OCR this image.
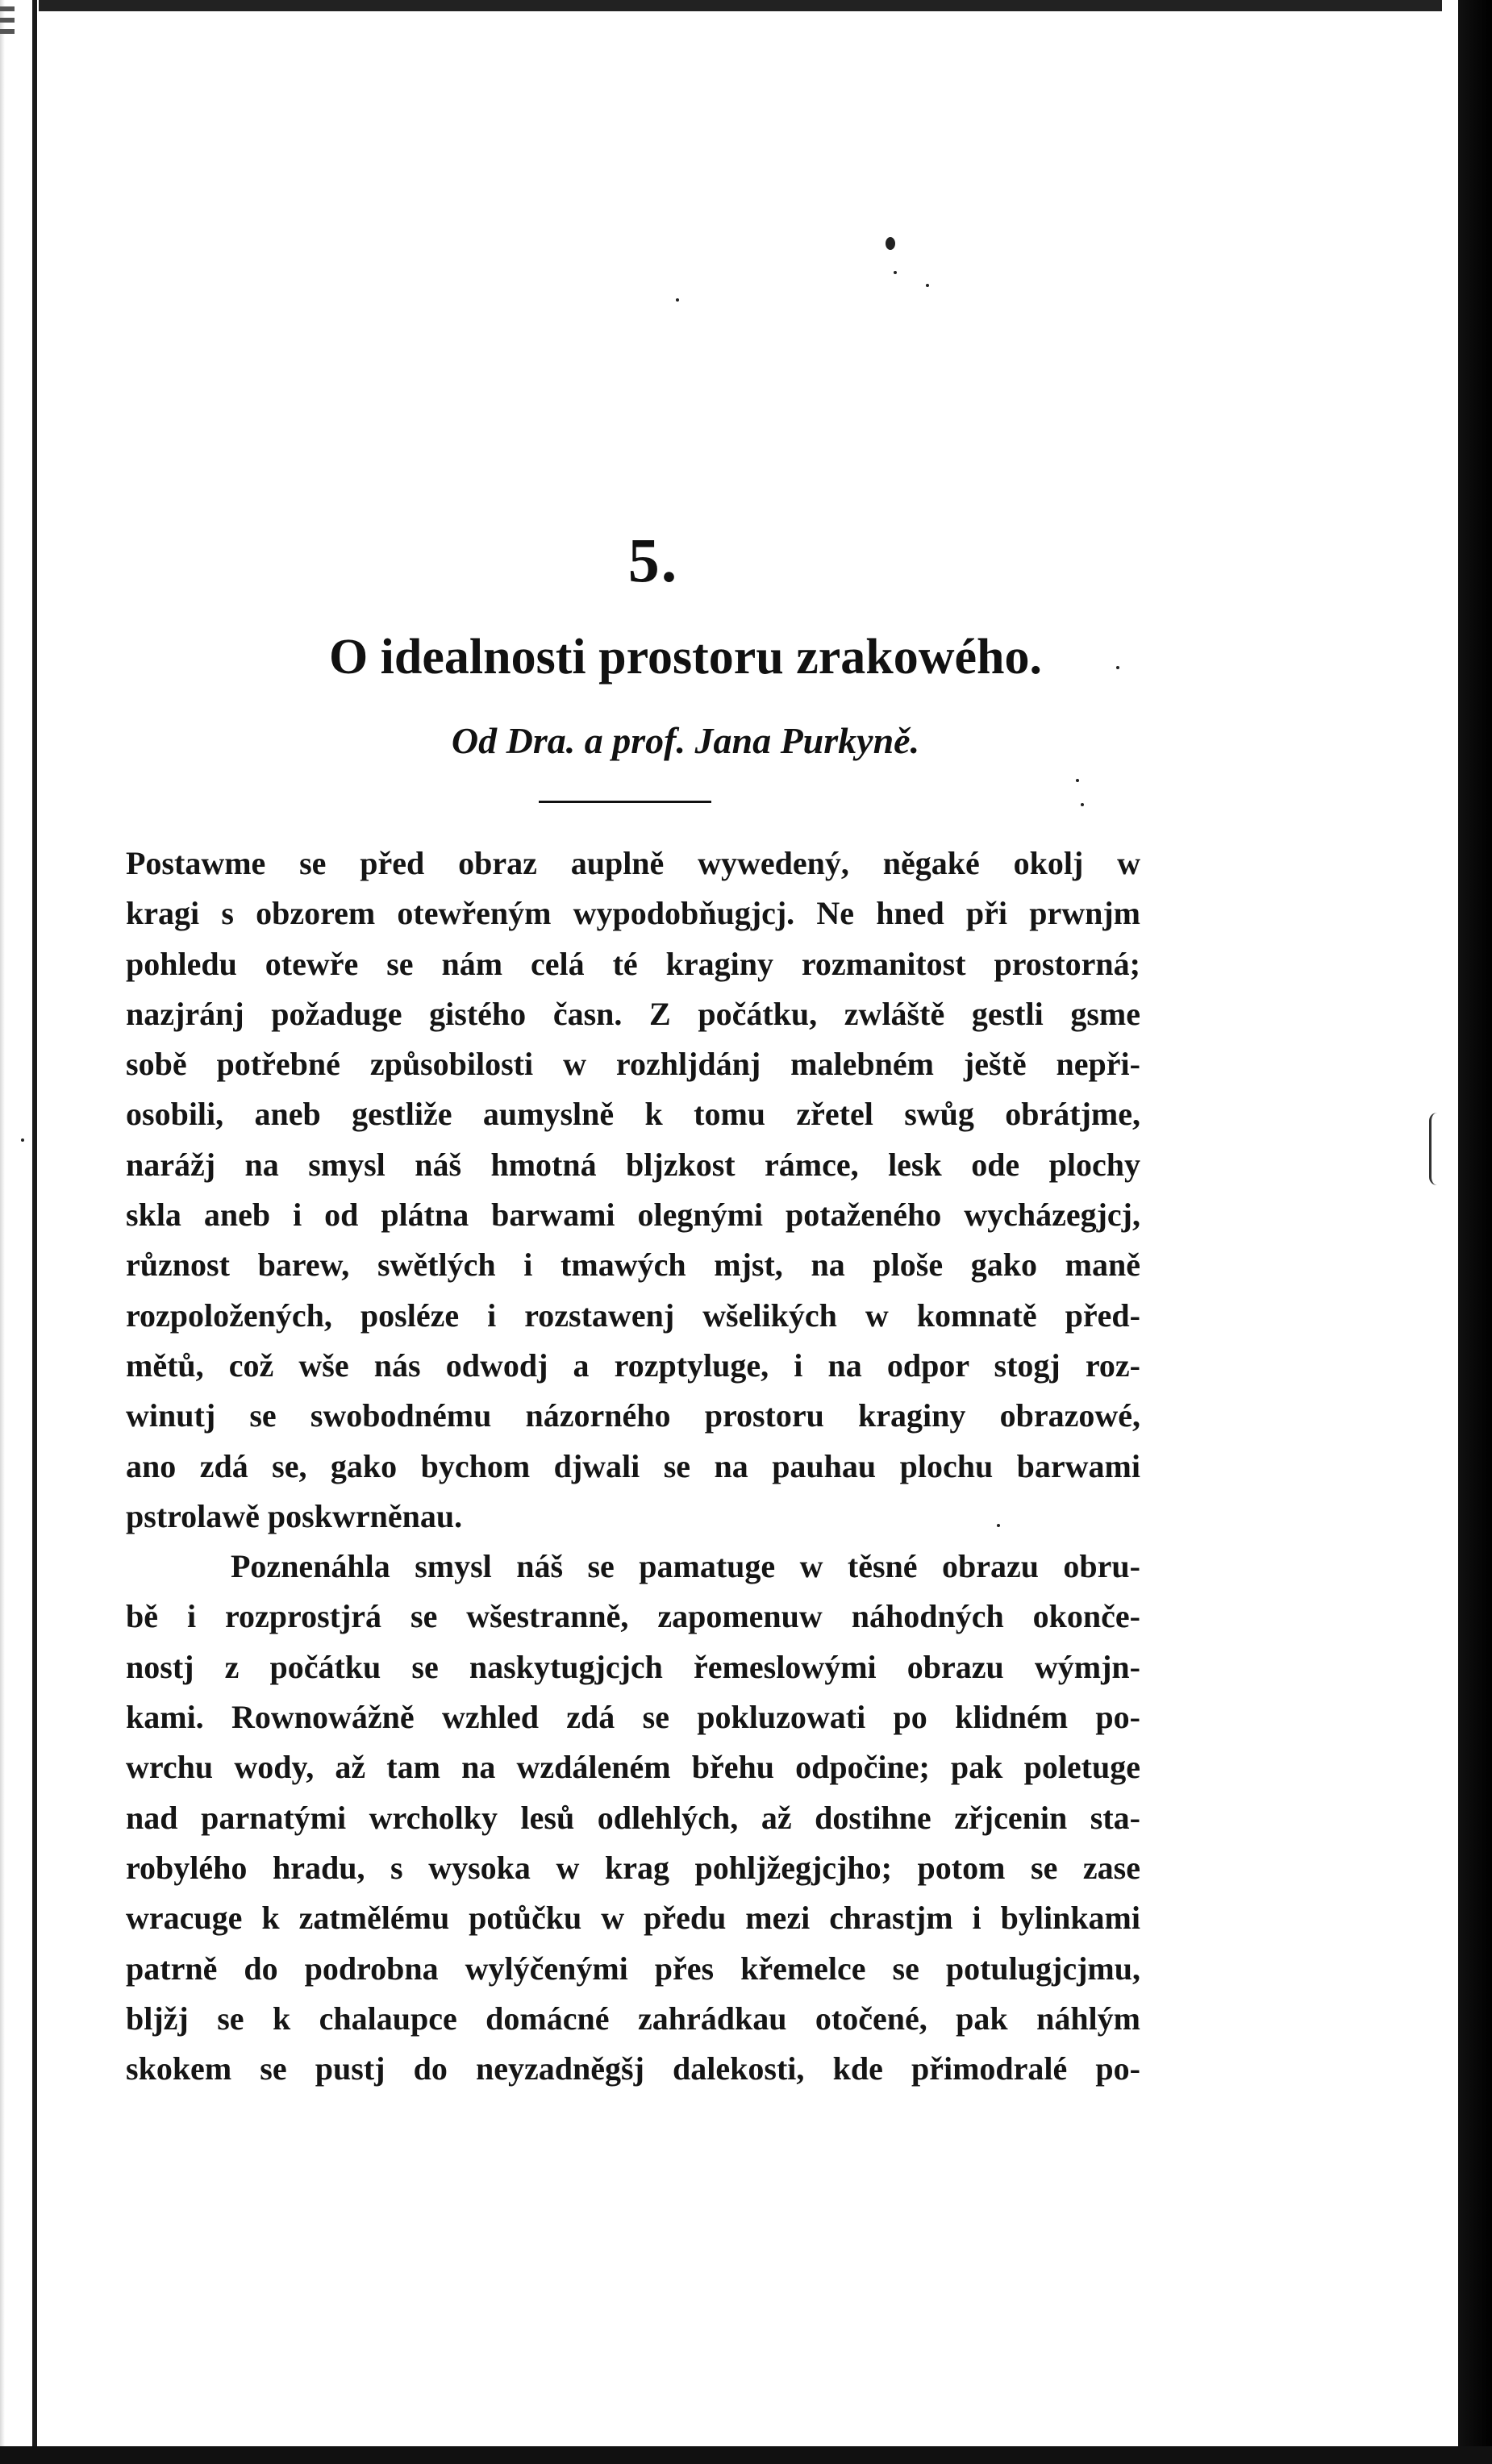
5.
O idealnosti prostoru zrakowého.
Od Dra. a prof. Jana Purkyně.

Postawme se před obraz auplně wywedený, něgaké okolj w
kragi s obzorem otewřeným wypodobňugjcj. Ne hned při prwnjm
pohledu otewře se nám celá té kraginy rozmanitost prostorná;
nazjránj požaduge gistého časn. Z počátku, zwláště gestli gsme
sobě potřebné způsobilosti w rozhljdánj malebném ještě nepři-
osobili, aneb gestliže aumyslně k tomu zřetel swůg obrátjme,
narážj na smysl náš hmotná bljzkost rámce, lesk ode plochy
skla aneb i od plátna barwami olegnými potaženého wycházegjcj,
různost barew, swětlých i tmawých mjst, na ploše gako maně
rozpoložených, posléze i rozstawenj wšelikých w komnatě před-
mětů, což wše nás odwodj a rozptyluge, i na odpor stogj roz-
winutj se swobodnému názorného prostoru kraginy obrazowé,
ano zdá se, gako bychom djwali se na pauhau plochu barwami
pstrolawě poskwrněnau.

Poznenáhla smysl náš se pamatuge w těsné obrazu obru-
bě i rozprostjrá se wšestranně, zapomenuw náhodných okonče-
nostj z počátku se naskytugjcjch řemeslowými obrazu wýmjn-
kami. Rownowážně wzhled zdá se pokluzowati po klidném po-
wrchu wody, až tam na wzdáleném břehu odpočine; pak poletuge
nad parnatými wrcholky lesů odlehlých, až dostihne zřjcenin sta-
robylého hradu, s wysoka w krag pohljžegjcjho; potom se zase
wracuge k zatmělému potůčku w předu mezi chrastjm i bylinkami
patrně do podrobna wylýčenými přes křemelce se potulugjcjmu,
bljžj se k chalaupce domácné zahrádkau otočené, pak náhlým
skokem se pustj do neyzadněgšj dalekosti, kde přimodralé po-
